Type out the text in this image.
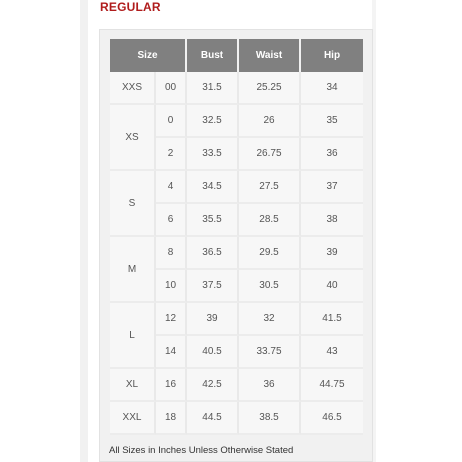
REGULAR
Size		Bust	Waist	Hip
XXS	00	31.5	25.25	34
XS	0	32.5	26	35
	2	33.5	26.75	36
S	4	34.5	27.5	37
	6	35.5	28.5	38
M	8	36.5	29.5	39
	10	37.5	30.5	40
L	12	39	32	41.5
	14	40.5	33.75	43
XL	16	42.5	36	44.75
XXL	18	44.5	38.5	46.5
All Sizes in Inches Unless Otherwise Stated
